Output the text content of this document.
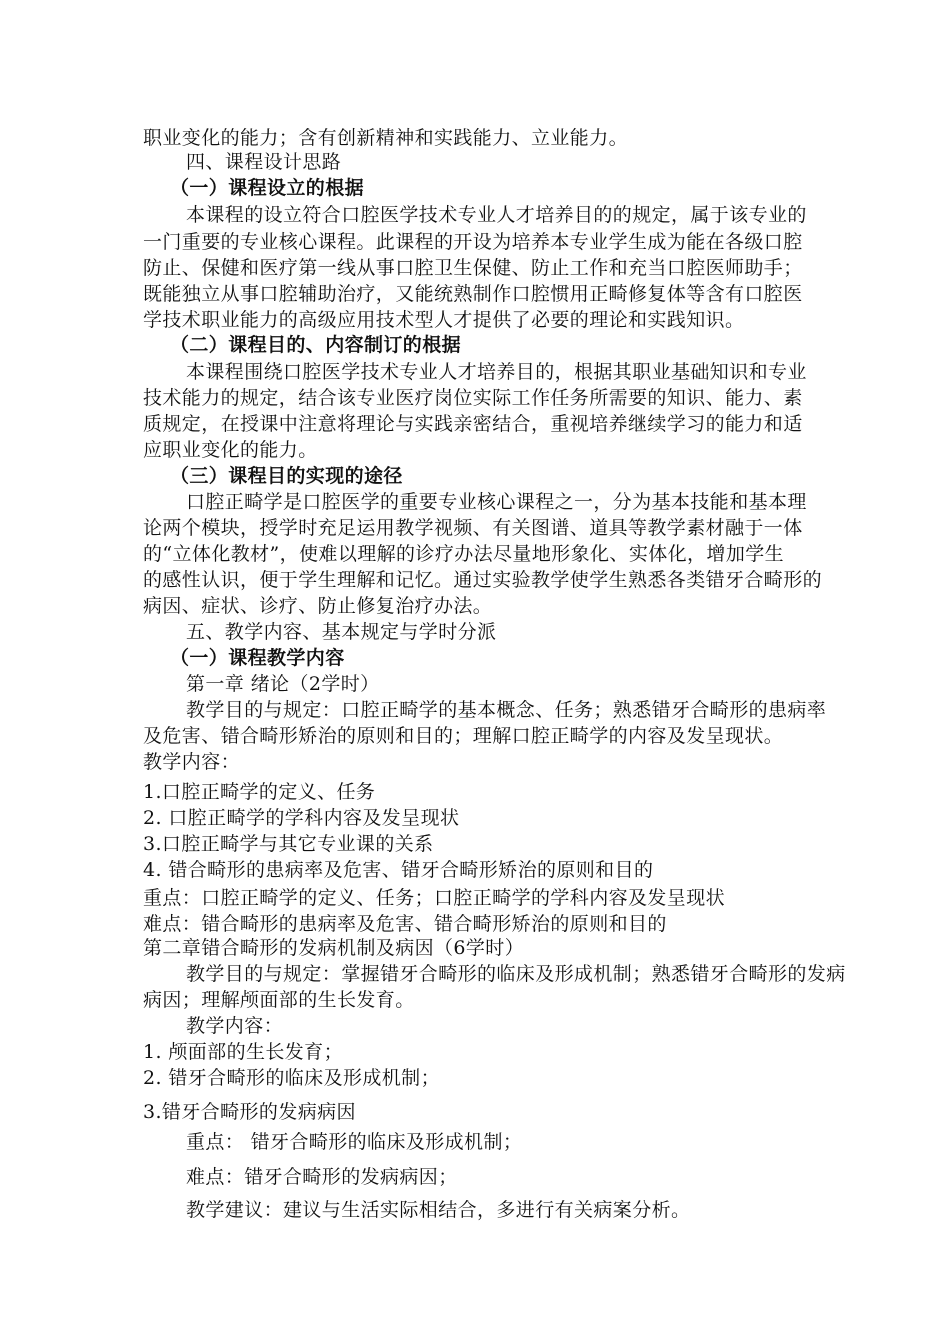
职业变化的能力；含有创新精神和实践能力、立业能力。
四、课程设计思路
（一）课程设立的根据
本课程的设立符合口腔医学技术专业人才培养目的的规定，属于该专业的
一门重要的专业核心课程。此课程的开设为培养本专业学生成为能在各级口腔
防止、保健和医疗第一线从事口腔卫生保健、防止工作和充当口腔医师助手；
既能独立从事口腔辅助治疗，又能统熟制作口腔惯用正畸修复体等含有口腔医
学技术职业能力的高级应用技术型人才提供了必要的理论和实践知识。
（二）课程目的、内容制订的根据
本课程围绕口腔医学技术专业人才培养目的，根据其职业基础知识和专业
技术能力的规定，结合该专业医疗岗位实际工作任务所需要的知识、能力、素
质规定，在授课中注意将理论与实践亲密结合，重视培养继续学习的能力和适
应职业变化的能力。
（三）课程目的实现的途径
口腔正畸学是口腔医学的重要专业核心课程之一，分为基本技能和基本理
论两个模块，授学时充足运用教学视频、有关图谱、道具等教学素材融于一体
的“立体化教材”，使难以理解的诊疗办法尽量地形象化、实体化，增加学生
的感性认识，便于学生理解和记忆。通过实验教学使学生熟悉各类错牙合畸形的
病因、症状、诊疗、防止修复治疗办法。
五、教学内容、基本规定与学时分派
（一）课程教学内容
第一章 绪论（2学时）
教学目的与规定：口腔正畸学的基本概念、任务；熟悉错牙合畸形的患病率
及危害、错合畸形矫治的原则和目的；理解口腔正畸学的内容及发呈现状。
教学内容：
1.口腔正畸学的定义、任务
2. 口腔正畸学的学科内容及发呈现状
3.口腔正畸学与其它专业课的关系
4. 错合畸形的患病率及危害、错牙合畸形矫治的原则和目的
重点：口腔正畸学的定义、任务；口腔正畸学的学科内容及发呈现状
难点：错合畸形的患病率及危害、错合畸形矫治的原则和目的
第二章错合畸形的发病机制及病因（6学时）
教学目的与规定：掌握错牙合畸形的临床及形成机制；熟悉错牙合畸形的发病
病因；理解颅面部的生长发育。
教学内容：
1. 颅面部的生长发育；
2. 错牙合畸形的临床及形成机制；
3.错牙合畸形的发病病因
重点： 错牙合畸形的临床及形成机制；
难点：错牙合畸形的发病病因；
教学建议：建议与生活实际相结合，多进行有关病案分析。
